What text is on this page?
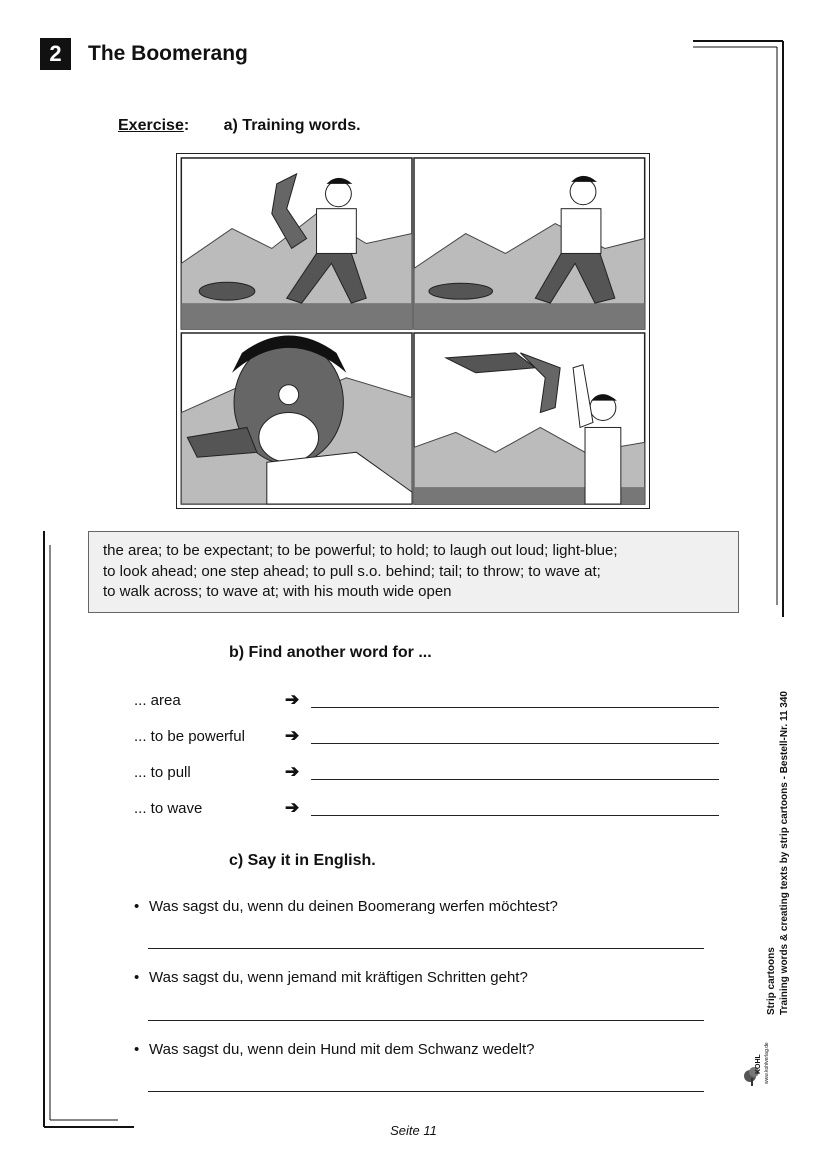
2	The Boomerang
Exercise: a) Training words.
the area; to be expectant; to be powerful; to hold; to laugh out loud; light-blue;
to look ahead; one step ahead; to pull s.o. behind; tail; to throw; to wave at;
to walk across; to wave at; with his mouth wide open
b) Find another word for ...
... area	➔
... to be powerful ➔
... to pull	➔
... to wave	➔
c) Say it in English.
• Was sagst du, wenn du deinen Boomerang werfen möchtest?
• Was sagst du, wenn jemand mit kräftigen Schritten geht?
• Was sagst du, wenn dein Hund mit dem Schwanz wedelt?
Seite 11
Strip cartoons Training words & creating texts by strip cartoons - Bestell-Nr. 11 340
KOHL www.kohlverlag.de
